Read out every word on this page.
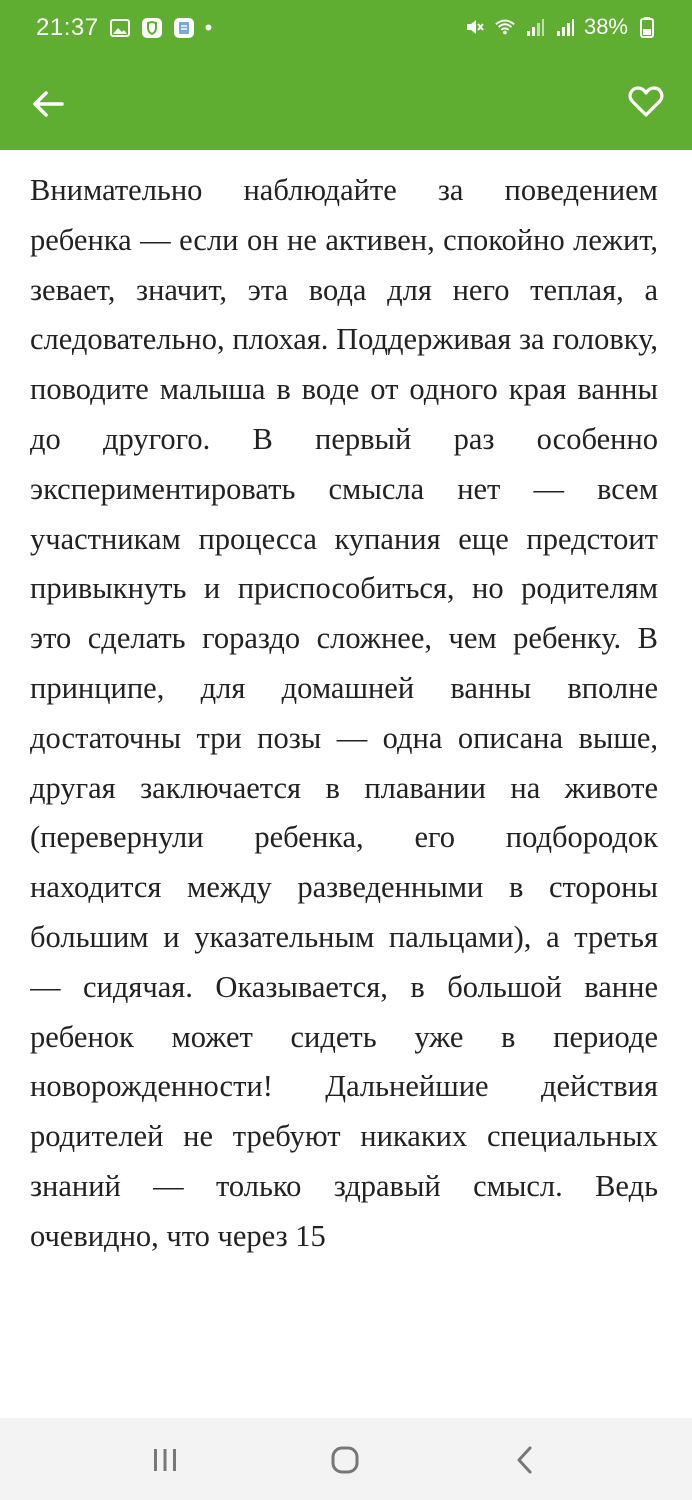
21:37	•	38%

Внимательно наблюдайте за поведением ребенка — если он не активен, спокойно лежит, зевает, значит, эта вода для него теплая, а следовательно, плохая. Поддерживая за головку, поводите малыша в воде от одного края ванны до другого. В первый раз особенно экспериментировать смысла нет — всем участникам процесса купания еще предстоит привыкнуть и приспособиться, но родителям это сделать гораздо сложнее, чем ребенку. В принципе, для домашней ванны вполне достаточны три позы — одна описана выше, другая заключается в плавании на животе (перевернули ребенка, его подбородок находится между разведенными в стороны большим и указательным пальцами), а третья — сидячая. Оказывается, в большой ванне ребенок может сидеть уже в периоде новорожденности! Дальнейшие действия родителей не требуют никаких специальных знаний — только здравый смысл. Ведь очевидно, что через 15
